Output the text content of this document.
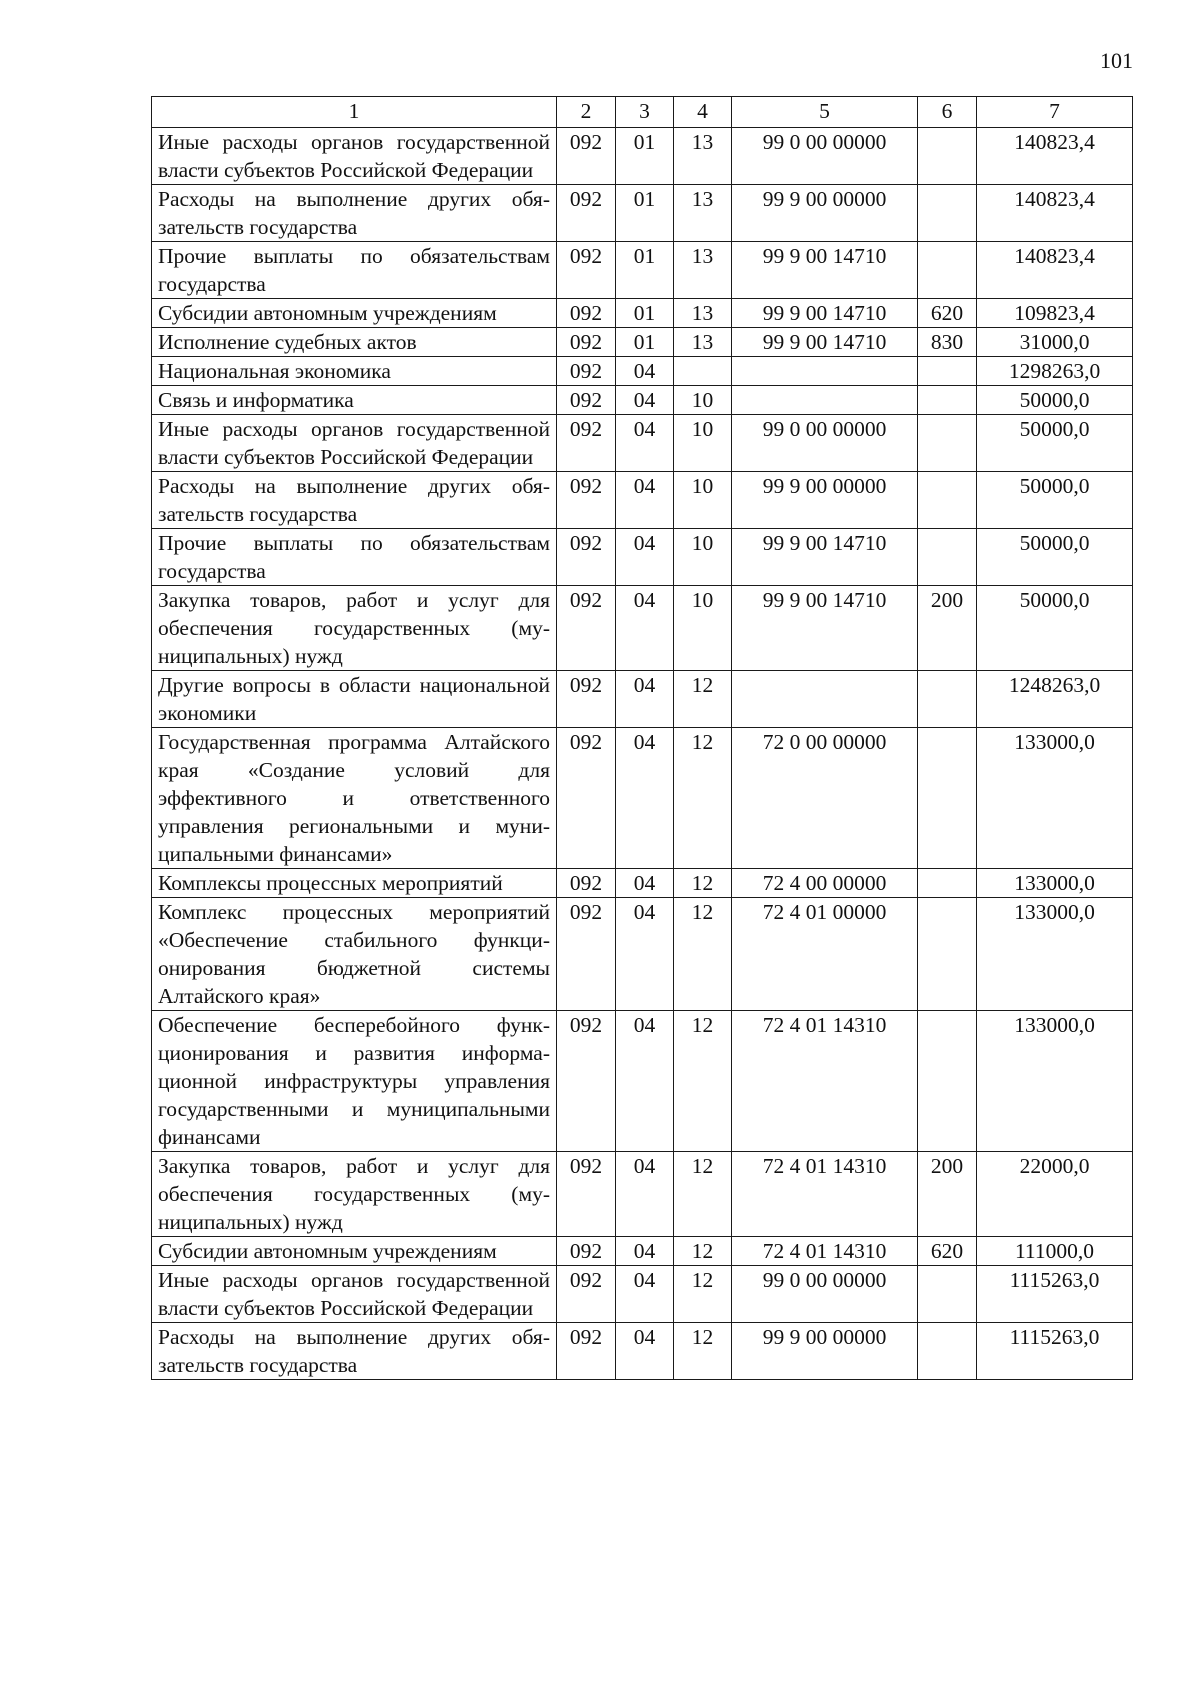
101
1	2	3	4	5	6	7
Иные расходы органов государственной власти субъектов Российской Федерации	092	01	13	99 0 00 00000		140823,4
Расходы на выполнение других обязательств государства	092	01	13	99 9 00 00000		140823,4
Прочие выплаты по обязательствам государства	092	01	13	99 9 00 14710		140823,4
Субсидии автономным учреждениям	092	01	13	99 9 00 14710	620	109823,4
Исполнение судебных актов	092	01	13	99 9 00 14710	830	31000,0
Национальная экономика	092	04				1298263,0
Связь и информатика	092	04	10			50000,0
Иные расходы органов государственной власти субъектов Российской Федерации	092	04	10	99 0 00 00000		50000,0
Расходы на выполнение других обязательств государства	092	04	10	99 9 00 00000		50000,0
Прочие выплаты по обязательствам государства	092	04	10	99 9 00 14710		50000,0
Закупка товаров, работ и услуг для обеспечения государственных (муниципальных) нужд	092	04	10	99 9 00 14710	200	50000,0
Другие вопросы в области национальной экономики	092	04	12			1248263,0
Государственная программа Алтайского края «Создание условий для эффективного и ответственного управления региональными и муниципальными финансами»	092	04	12	72 0 00 00000		133000,0
Комплексы процессных мероприятий	092	04	12	72 4 00 00000		133000,0
Комплекс процессных мероприятий «Обеспечение стабильного функционирования бюджетной системы Алтайского края»	092	04	12	72 4 01 00000		133000,0
Обеспечение бесперебойного функционирования и развития информационной инфраструктуры управления государственными и муниципальными финансами	092	04	12	72 4 01 14310		133000,0
Закупка товаров, работ и услуг для обеспечения государственных (муниципальных) нужд	092	04	12	72 4 01 14310	200	22000,0
Субсидии автономным учреждениям	092	04	12	72 4 01 14310	620	111000,0
Иные расходы органов государственной власти субъектов Российской Федерации	092	04	12	99 0 00 00000		1115263,0
Расходы на выполнение других обязательств государства	092	04	12	99 9 00 00000		1115263,0
